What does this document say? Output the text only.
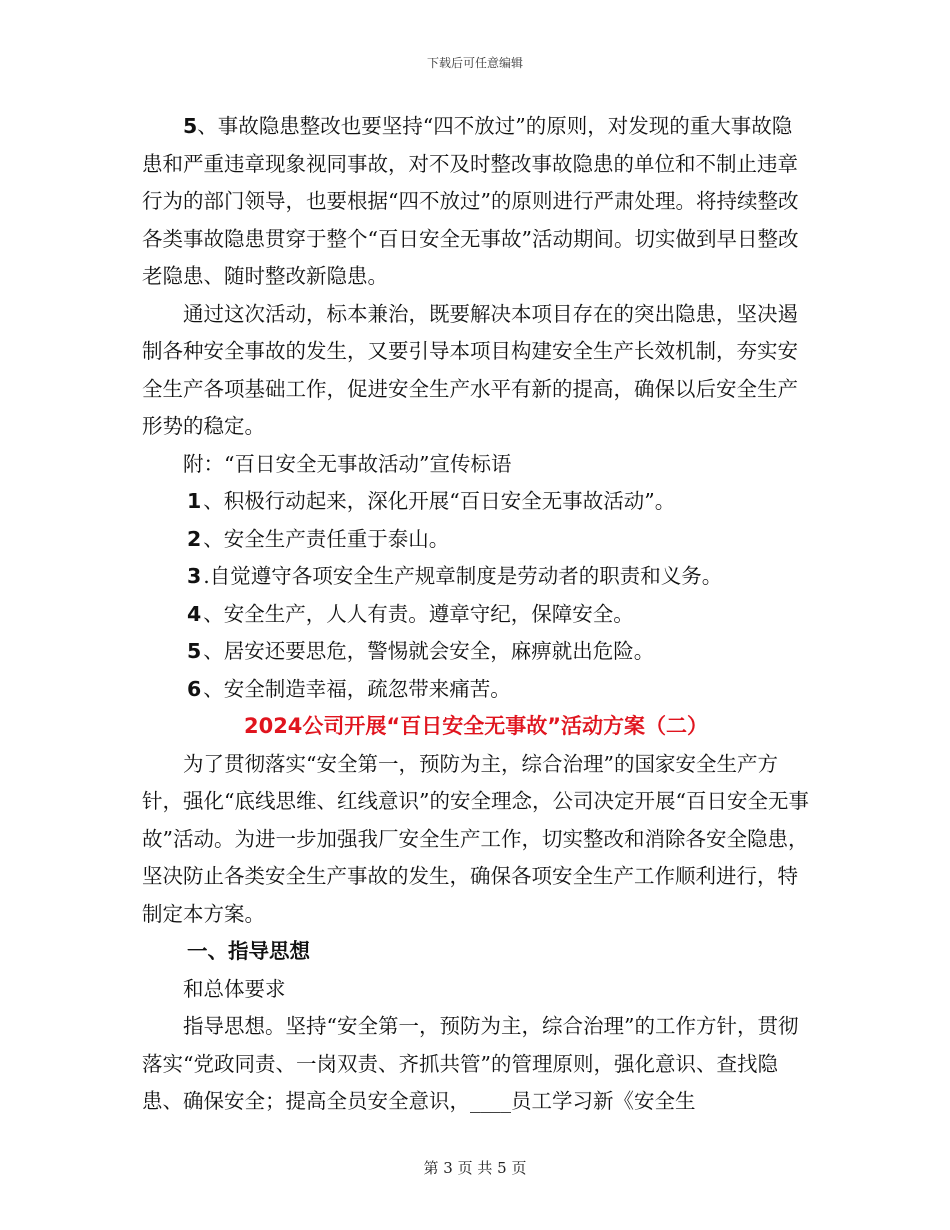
下载后可任意编辑

5、事故隐患整改也要坚持“四不放过”的原则，对发现的重大事故隐患和严重违章现象视同事故，对不及时整改事故隐患的单位和不制止违章行为的部门领导，也要根据“四不放过”的原则进行严肃处理。将持续整改各类事故隐患贯穿于整个“百日安全无事故”活动期间。切实做到早日整改老隐患、随时整改新隐患。

通过这次活动，标本兼治，既要解决本项目存在的突出隐患，坚决遏制各种安全事故的发生，又要引导本项目构建安全生产长效机制，夯实安全生产各项基础工作，促进安全生产水平有新的提高，确保以后安全生产形势的稳定。

附：“百日安全无事故活动”宣传标语

1、积极行动起来，深化开展“百日安全无事故活动”。

2、安全生产责任重于泰山。

3.自觉遵守各项安全生产规章制度是劳动者的职责和义务。

4、安全生产，人人有责。遵章守纪，保障安全。

5、居安还要思危，警惕就会安全，麻痹就出危险。

6、安全制造幸福，疏忽带来痛苦。

2024公司开展“百日安全无事故”活动方案（二）

为了贯彻落实“安全第一，预防为主，综合治理”的国家安全生产方针，强化“底线思维、红线意识”的安全理念，公司决定开展“百日安全无事故”活动。为进一步加强我厂安全生产工作，切实整改和消除各安全隐患，坚决防止各类安全生产事故的发生，确保各项安全生产工作顺利进行，特制定本方案。

一、指导思想

和总体要求

指导思想。坚持“安全第一，预防为主，综合治理”的工作方针，贯彻落实“党政同责、一岗双责、齐抓共管”的管理原则，强化意识、查找隐患、确保安全；提高全员安全意识，____员工学习新《安全生

第 3 页 共 5 页
